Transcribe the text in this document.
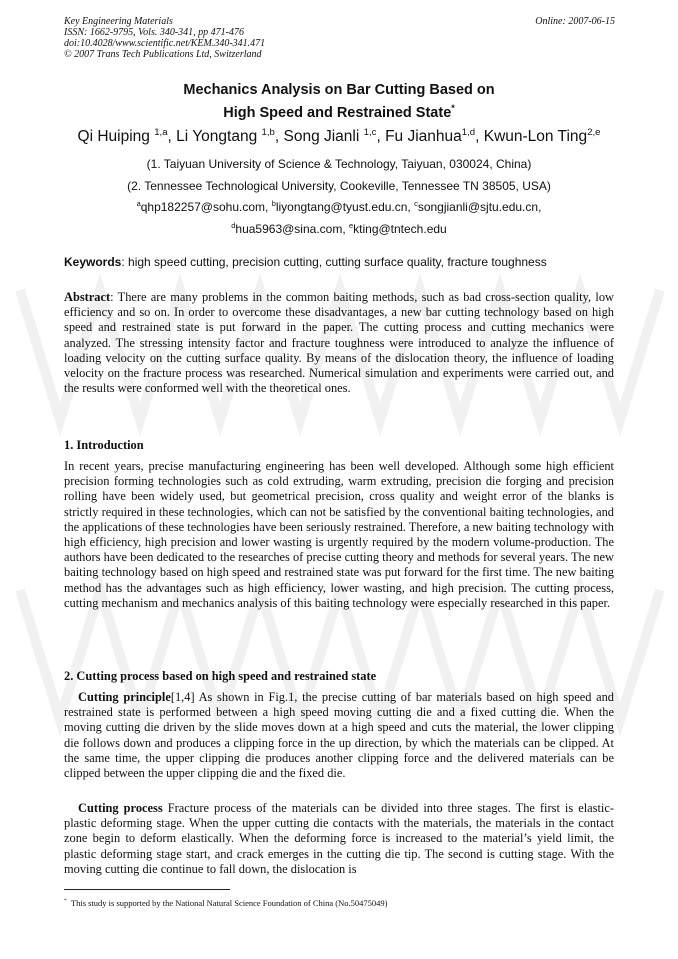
Key Engineering Materials
ISSN: 1662-9795, Vols. 340-341, pp 471-476
doi:10.4028/www.scientific.net/KEM.340-341.471
© 2007 Trans Tech Publications Ltd, Switzerland
Online: 2007-06-15
Mechanics Analysis on Bar Cutting Based on
High Speed and Restrained State*
Qi Huiping $^{1,a}$, Li Yongtang $^{1,b}$, Song Jianli $^{1,c}$, Fu Jianhua$^{1,d}$, Kwun-Lon Ting$^{2,e}$
(1. Taiyuan University of Science & Technology, Taiyuan, 030024, China)
(2. Tennessee Technological University, Cookeville, Tennessee TN 38505, USA)
$^a$qhp182257@sohu.com, $^b$liyongtang@tyust.edu.cn, $^c$songjianli@sjtu.edu.cn,
$^d$hua5963@sina.com, $^e$kting@tntech.edu
Keywords: high speed cutting, precision cutting, cutting surface quality, fracture toughness

Abstract: There are many problems in the common baiting methods, such as bad cross-section quality, low efficiency and so on. In order to overcome these disadvantages, a new bar cutting technology based on high speed and restrained state is put forward in the paper. The cutting process and cutting mechanics were analyzed. The stressing intensity factor and fracture toughness were introduced to analyze the influence of loading velocity on the cutting surface quality. By means of the dislocation theory, the influence of loading velocity on the fracture process was researched. Numerical simulation and experiments were carried out, and the results were conformed well with the theoretical ones.

1. Introduction

In recent years, precise manufacturing engineering has been well developed. Although some high efficient precision forming technologies such as cold extruding, warm extruding, precision die forging and precision rolling have been widely used, but geometrical precision, cross quality and weight error of the blanks is strictly required in these technologies, which can not be satisfied by the conventional baiting technologies, and the applications of these technologies have been seriously restrained. Therefore, a new baiting technology with high efficiency, high precision and lower wasting is urgently required by the modern volume-production. The authors have been dedicated to the researches of precise cutting theory and methods for several years. The new baiting technology based on high speed and restrained state was put forward for the first time. The new baiting method has the advantages such as high efficiency, lower wasting, and high precision. The cutting process, cutting mechanism and mechanics analysis of this baiting technology were especially researched in this paper.

2. Cutting process based on high speed and restrained state

Cutting principle[1,4] As shown in Fig.1, the precise cutting of bar materials based on high speed and restrained state is performed between a high speed moving cutting die and a fixed cutting die. When the moving cutting die driven by the slide moves down at a high speed and cuts the material, the lower clipping die follows down and produces a clipping force in the up direction, by which the materials can be clipped. At the same time, the upper clipping die produces another clipping force and the delivered materials can be clipped between the upper clipping die and the fixed die.

Cutting process Fracture process of the materials can be divided into three stages. The first is elastic-plastic deforming stage. When the upper cutting die contacts with the materials, the materials in the contact zone begin to deform elastically. When the deforming force is increased to the material’s yield limit, the plastic deforming stage start, and crack emerges in the cutting die tip. The second is cutting stage. With the moving cutting die continue to fall down, the dislocation is

* This study is supported by the National Natural Science Foundation of China (No.50475049)
